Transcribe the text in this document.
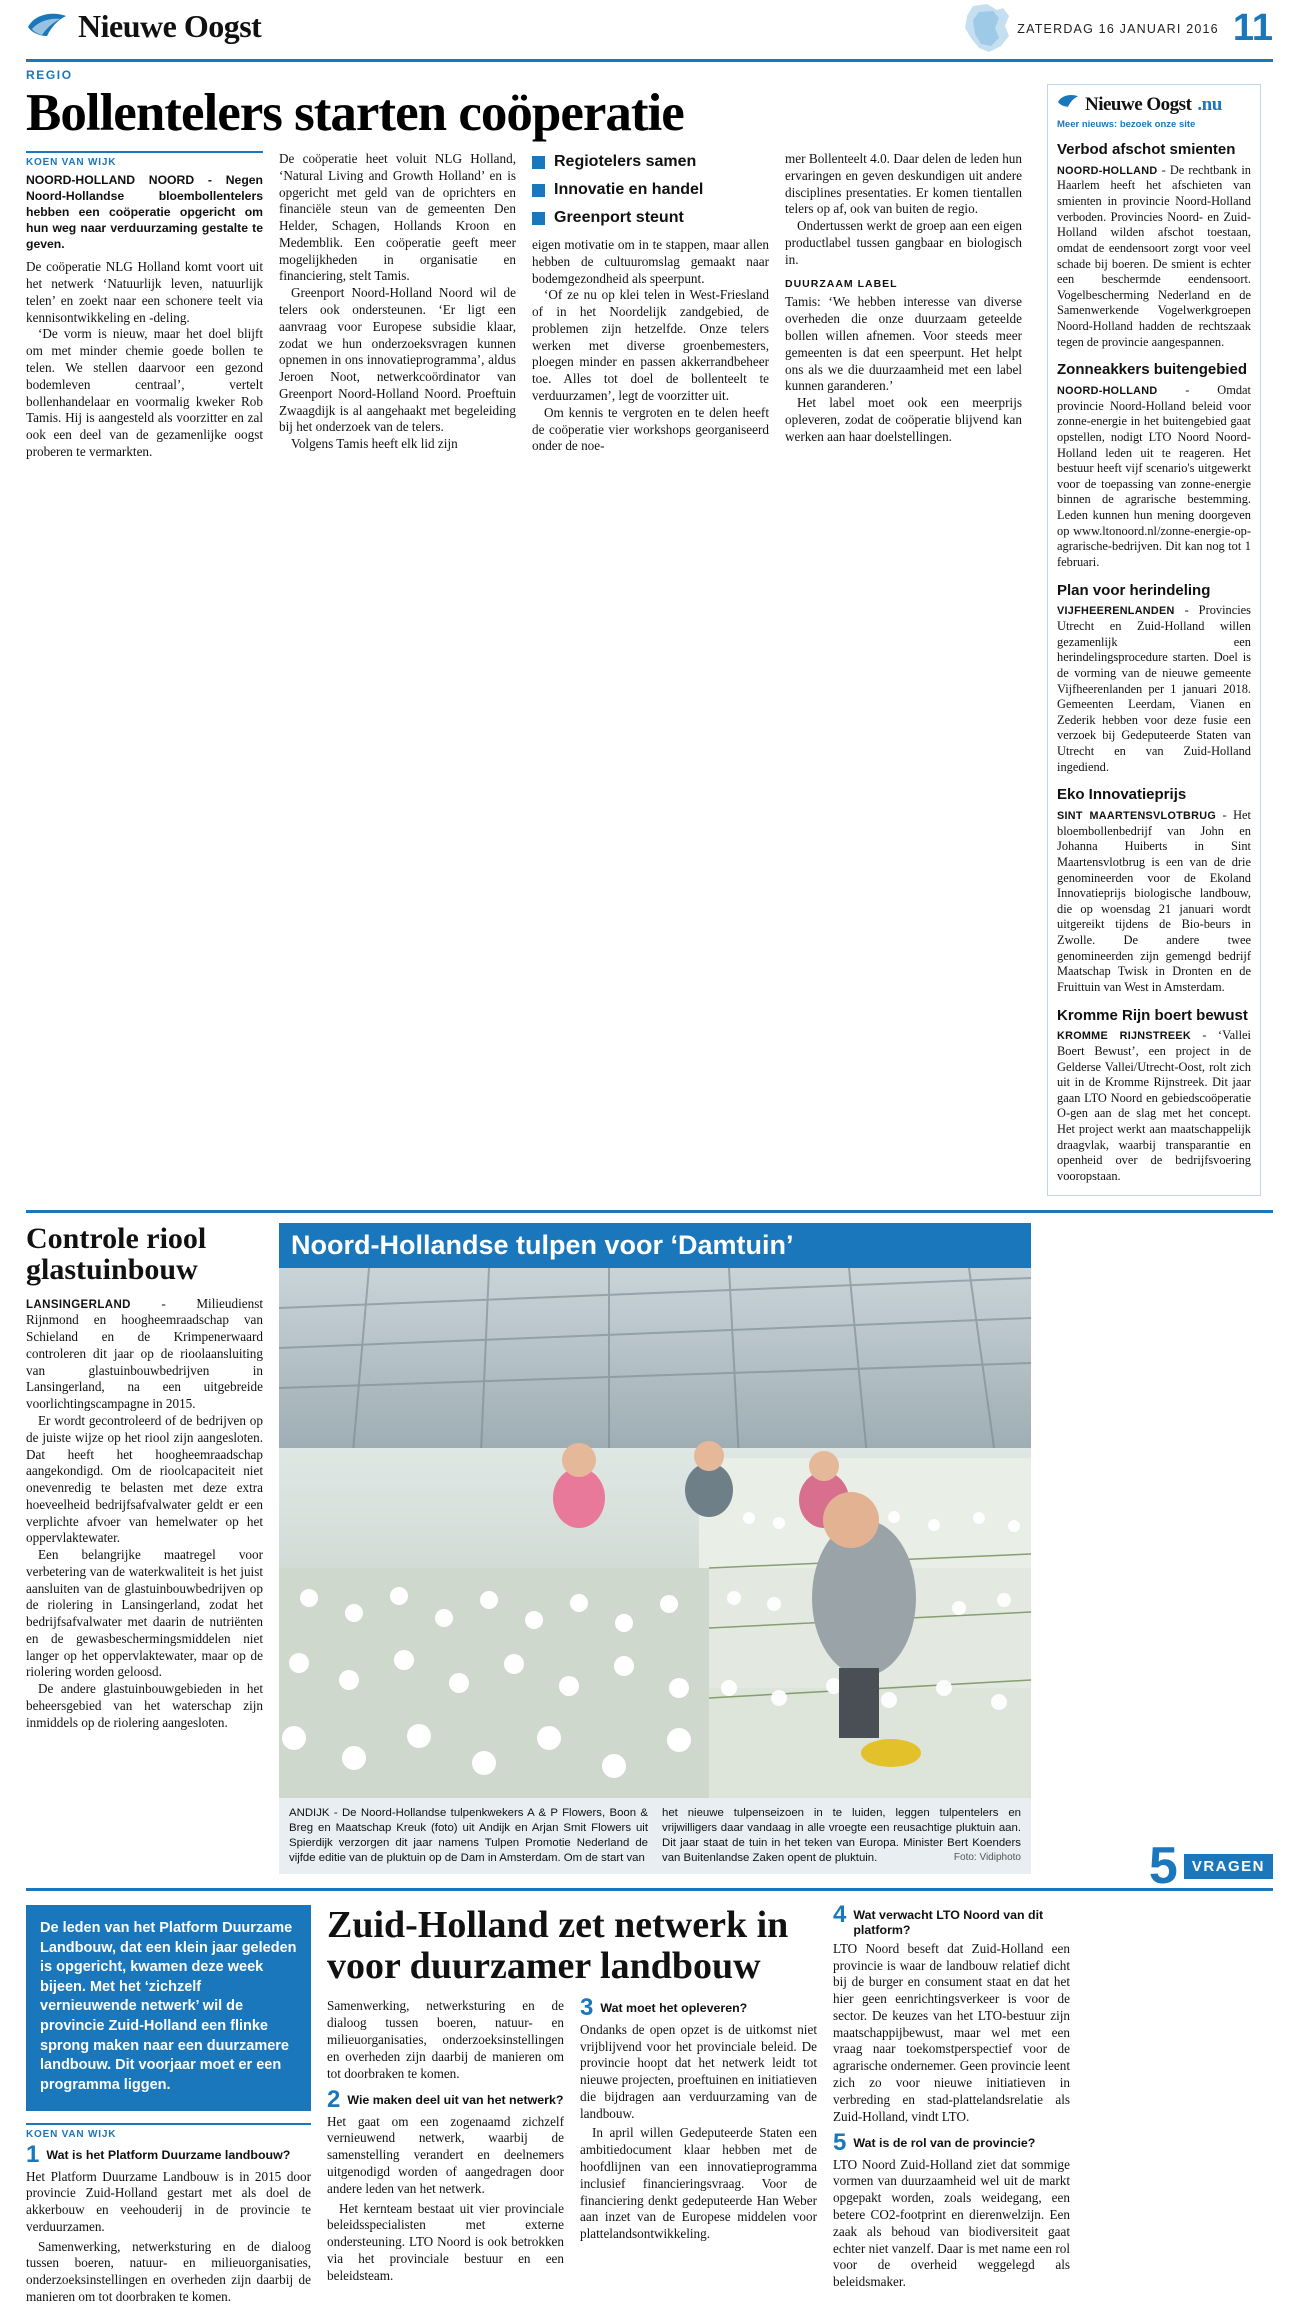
Nieuwe Oogst	ZATERDAG 16 JANUARI 2016 11
REGIO
Bollentelers starten coöperatie
KOEN VAN WIJK

NOORD-HOLLAND NOORD - Negen Noord-Hollandse bloembollentelers hebben een coöperatie opgericht om hun weg naar verduurzaming gestalte te geven.

De coöperatie NLG Holland komt voort uit het netwerk ‘Natuurlijk leven, natuurlijk telen’ en zoekt naar een schonere teelt via kennisontwikkeling en -deling.

‘De vorm is nieuw, maar het doel blijft om met minder chemie goede bollen te telen. We stellen daarvoor een gezond bodemleven centraal’, vertelt bollenhandelaar en voormalig kweker Rob Tamis. Hij is aangesteld als voorzitter en zal ook een deel van de gezamenlijke oogst proberen te vermarkten.

De coöperatie heet voluit NLG Holland, ‘Natural Living and Growth Holland’ en is opgericht met geld van de oprichters en financiële steun van de gemeenten Den Helder, Schagen, Hollands Kroon en Medemblik. Een coöperatie geeft meer mogelijkheden in organisatie en financiering, stelt Tamis.

Greenport Noord-Holland Noord wil de telers ook ondersteunen. ‘Er ligt een aanvraag voor Europese subsidie klaar, zodat we hun onderzoeksvragen kunnen opnemen in ons innovatieprogramma’, aldus Jeroen Noot, netwerkcoördinator van Greenport Noord-Holland Noord. Proeftuin Zwaagdijk is al aangehaakt met begeleiding bij het onderzoek van de telers.

Volgens Tamis heeft elk lid zijn

Regiotelers samen
Innovatie en handel
Greenport steunt

eigen motivatie om in te stappen, maar allen hebben de cultuuromslag gemaakt naar bodemgezondheid als speerpunt.

‘Of ze nu op klei telen in West-Friesland of in het Noordelijk zandgebied, de problemen zijn hetzelfde. Onze telers werken met diverse groenbemesters, ploegen minder en passen akkerrandbeheer toe. Alles tot doel de bollenteelt te verduurzamen’, legt de voorzitter uit.

Om kennis te vergroten en te delen heeft de coöperatie vier workshops georganiseerd onder de noe-

mer Bollenteelt 4.0. Daar delen de leden hun ervaringen en geven deskundigen uit andere disciplines presentaties. Er komen tientallen telers op af, ook van buiten de regio.

Ondertussen werkt de groep aan een eigen productlabel tussen gangbaar en biologisch in.

DUURZAAM LABEL

Tamis: ‘We hebben interesse van diverse overheden die onze duurzaam geteelde bollen willen afnemen. Voor steeds meer gemeenten is dat een speerpunt. Het helpt ons als we die duurzaamheid met een label kunnen garanderen.’

Het label moet ook een meerprijs opleveren, zodat de coöperatie blijvend kan werken aan haar doelstellingen.

Nieuwe Oogst .nu
Meer nieuws: bezoek onze site
Verbod afschot smienten
NOORD-HOLLAND - De rechtbank in Haarlem heeft het afschieten van smienten in provincie Noord-Holland verboden. Provincies Noord- en Zuid-Holland wilden afschot toestaan, omdat de eendensoort zorgt voor veel schade bij boeren. De smient is echter een beschermde eendensoort. Vogelbescherming Nederland en de Samenwerkende Vogelwerkgroepen Noord-Holland hadden de rechtszaak tegen de provincie aangespannen.
Zonneakkers buitengebied
NOORD-HOLLAND - Omdat provincie Noord-Holland beleid voor zonne-energie in het buitengebied gaat opstellen, nodigt LTO Noord Noord-Holland leden uit te reageren. Het bestuur heeft vijf scenario's uitgewerkt voor de toepassing van zonne-energie binnen de agrarische bestemming. Leden kunnen hun mening doorgeven op www.ltonoord.nl/zonne-energie-op-agrarische-bedrijven. Dit kan nog tot 1 februari.
Plan voor herindeling
VIJFHEERENLANDEN - Provincies Utrecht en Zuid-Holland willen gezamenlijk een herindelingsprocedure starten. Doel is de vorming van de nieuwe gemeente Vijfheerenlanden per 1 januari 2018. Gemeenten Leerdam, Vianen en Zederik hebben voor deze fusie een verzoek bij Gedeputeerde Staten van Utrecht en van Zuid-Holland ingediend.
Eko Innovatieprijs
SINT MAARTENSVLOTBRUG - Het bloembollenbedrijf van John en Johanna Huiberts in Sint Maartensvlotbrug is een van de drie genomineerden voor de Ekoland Innovatieprijs biologische landbouw, die op woensdag 21 januari wordt uitgereikt tijdens de Bio-beurs in Zwolle. De andere twee genomineerden zijn gemengd bedrijf Maatschap Twisk in Dronten en de Fruittuin van West in Amsterdam.
Kromme Rijn boert bewust
KROMME RIJNSTREEK - ‘Vallei Boert Bewust’, een project in de Gelderse Vallei/Utrecht-Oost, rolt zich uit in de Kromme Rijnstreek. Dit jaar gaan LTO Noord en gebiedscoöperatie O-gen aan de slag met het concept. Het project werkt aan maatschappelijk draagvlak, waarbij transparantie en openheid over de bedrijfsvoering vooropstaan.
Controle riool glastuinbouw

LANSINGERLAND - Milieudienst Rijnmond en hoogheemraadschap van Schieland en de Krimpenerwaard controleren dit jaar op de rioolaansluiting van glastuinbouwbedrijven in Lansingerland, na een uitgebreide voorlichtingscampagne in 2015.

Er wordt gecontroleerd of de bedrijven op de juiste wijze op het riool zijn aangesloten. Dat heeft het hoogheemraadschap aangekondigd. Om de rioolcapaciteit niet onevenredig te belasten met deze extra hoeveelheid bedrijfsafvalwater geldt er een verplichte afvoer van hemelwater op het oppervlaktewater.

Een belangrijke maatregel voor verbetering van de waterkwaliteit is het juist aansluiten van de glastuinbouwbedrijven op de riolering in Lansingerland, zodat het bedrijfsafvalwater met daarin de nutriënten en de gewasbeschermingsmiddelen niet langer op het oppervlaktewater, maar op de riolering worden geloosd.

De andere glastuinbouwgebieden in het beheersgebied van het waterschap zijn inmiddels op de riolering aangesloten.

Noord-Hollandse tulpen voor ‘Damtuin’
ANDIJK - De Noord-Hollandse tulpenkwekers A & P Flowers, Boon & Breg en Maatschap Kreuk (foto) uit Andijk en Arjan Smit Flowers uit Spierdijk verzorgen dit jaar namens Tulpen Promotie Nederland de vijfde editie van de pluktuin op de Dam in Amsterdam. Om de start van
het nieuwe tulpenseizoen in te luiden, leggen tulpentelers en vrijwilligers daar vandaag in alle vroegte een reusachtige pluktuin aan. Dit jaar staat de tuin in het teken van Europa. Minister Bert Koenders van Buitenlandse Zaken opent de pluktuin.	Foto: Vidiphoto 5 VRAGEN
De leden van het Platform Duurzame Landbouw, dat een klein jaar geleden is opgericht, kwamen deze week bijeen. Met het ‘zichzelf vernieuwende netwerk’ wil de provincie Zuid-Holland een flinke sprong maken naar een duurzamere landbouw. Dit voorjaar moet er een programma liggen.
KOEN VAN WIJK
1 Wat is het Platform Duurzame landbouw?

Het Platform Duurzame Landbouw is in 2015 door provincie Zuid-Holland gestart met als doel de akkerbouw en veehouderij in de provincie te verduurzamen.

Samenwerking, netwerksturing en de dialoog tussen boeren, natuur- en milieuorganisaties, onderzoeksinstellingen en overheden zijn daarbij de manieren om tot doorbraken te komen.

Zuid-Holland zet netwerk in voor duurzamer landbouw

Samenwerking, netwerksturing en de dialoog tussen boeren, natuur- en milieuorganisaties, onderzoeksinstellingen en overheden zijn daarbij de manieren om tot doorbraken te komen.

2 Wie maken deel uit van het netwerk?

Het gaat om een zogenaamd zichzelf vernieuwend netwerk, waarbij de samenstelling verandert en deelnemers uitgenodigd worden of aangedragen door andere leden van het netwerk.

Het kernteam bestaat uit vier provinciale beleidsspecialisten met externe ondersteuning. LTO Noord is ook betrokken via het provinciale bestuur en een beleidsteam.

3 Wat moet het opleveren?

Ondanks de open opzet is de uitkomst niet vrijblijvend voor het provinciale beleid. De provincie hoopt dat het netwerk leidt tot nieuwe projecten, proeftuinen en initiatieven die bijdragen aan verduurzaming van de landbouw.

In april willen Gedeputeerde Staten een ambitiedocument klaar hebben met de hoofdlijnen van een innovatieprogramma inclusief financieringsvraag. Voor de financiering denkt gedeputeerde Han Weber aan inzet van de Europese middelen voor plattelandsontwikkeling.

4 Wat verwacht LTO Noord van dit platform?

LTO Noord beseft dat Zuid-Holland een provincie is waar de landbouw relatief dicht bij de burger en consument staat en dat het hier geen eenrichtingsverkeer is voor de sector. De keuzes van het LTO-bestuur zijn maatschappijbewust, maar wel met een vraag naar toekomstperspectief voor de agrarische ondernemer. Geen provincie leent zich zo voor nieuwe initiatieven in verbreding en stad-plattelandsrelatie als Zuid-Holland, vindt LTO.

5 Wat is de rol van de provincie?

LTO Noord Zuid-Holland ziet dat sommige vormen van duurzaamheid wel uit de markt opgepakt worden, zoals weidegang, een betere CO2-footprint en dierenwelzijn. Een zaak als behoud van biodiversiteit gaat echter niet vanzelf. Daar is met name een rol voor de overheid weggelegd als beleidsmaker.
